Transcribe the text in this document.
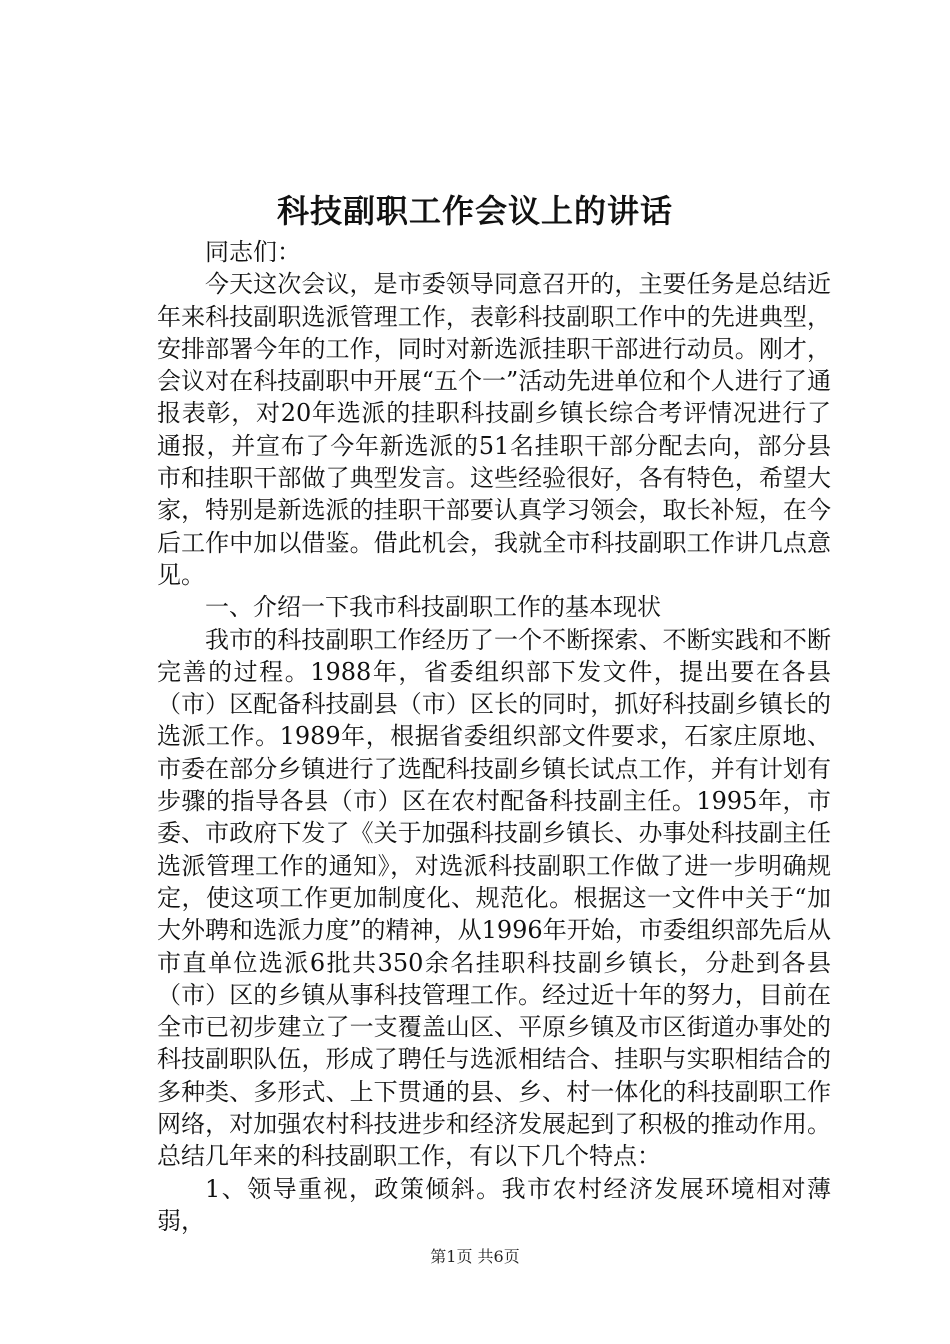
科技副职工作会议上的讲话

同志们：

今天这次会议，是市委领导同意召开的，主要任务是总结近年来科技副职选派管理工作，表彰科技副职工作中的先进典型，安排部署今年的工作，同时对新选派挂职干部进行动员。刚才，会议对在科技副职中开展“五个一”活动先进单位和个人进行了通报表彰，对20年选派的挂职科技副乡镇长综合考评情况进行了通报，并宣布了今年新选派的51名挂职干部分配去向，部分县市和挂职干部做了典型发言。这些经验很好，各有特色，希望大家，特别是新选派的挂职干部要认真学习领会，取长补短，在今后工作中加以借鉴。借此机会，我就全市科技副职工作讲几点意见。

一、介绍一下我市科技副职工作的基本现状

我市的科技副职工作经历了一个不断探索、不断实践和不断完善的过程。1988年，省委组织部下发文件，提出要在各县（市）区配备科技副县（市）区长的同时，抓好科技副乡镇长的选派工作。1989年，根据省委组织部文件要求，石家庄原地、市委在部分乡镇进行了选配科技副乡镇长试点工作，并有计划有步骤的指导各县（市）区在农村配备科技副主任。1995年，市委、市政府下发了《关于加强科技副乡镇长、办事处科技副主任选派管理工作的通知》，对选派科技副职工作做了进一步明确规定，使这项工作更加制度化、规范化。根据这一文件中关于“加大外聘和选派力度”的精神，从1996年开始，市委组织部先后从市直单位选派6批共350余名挂职科技副乡镇长，分赴到各县（市）区的乡镇从事科技管理工作。经过近十年的努力，目前在全市已初步建立了一支覆盖山区、平原乡镇及市区街道办事处的科技副职队伍，形成了聘任与选派相结合、挂职与实职相结合的多种类、多形式、上下贯通的县、乡、村一体化的科技副职工作网络，对加强农村科技进步和经济发展起到了积极的推动作用。总结几年来的科技副职工作，有以下几个特点：

1、领导重视，政策倾斜。我市农村经济发展环境相对薄弱，

第1页 共6页
